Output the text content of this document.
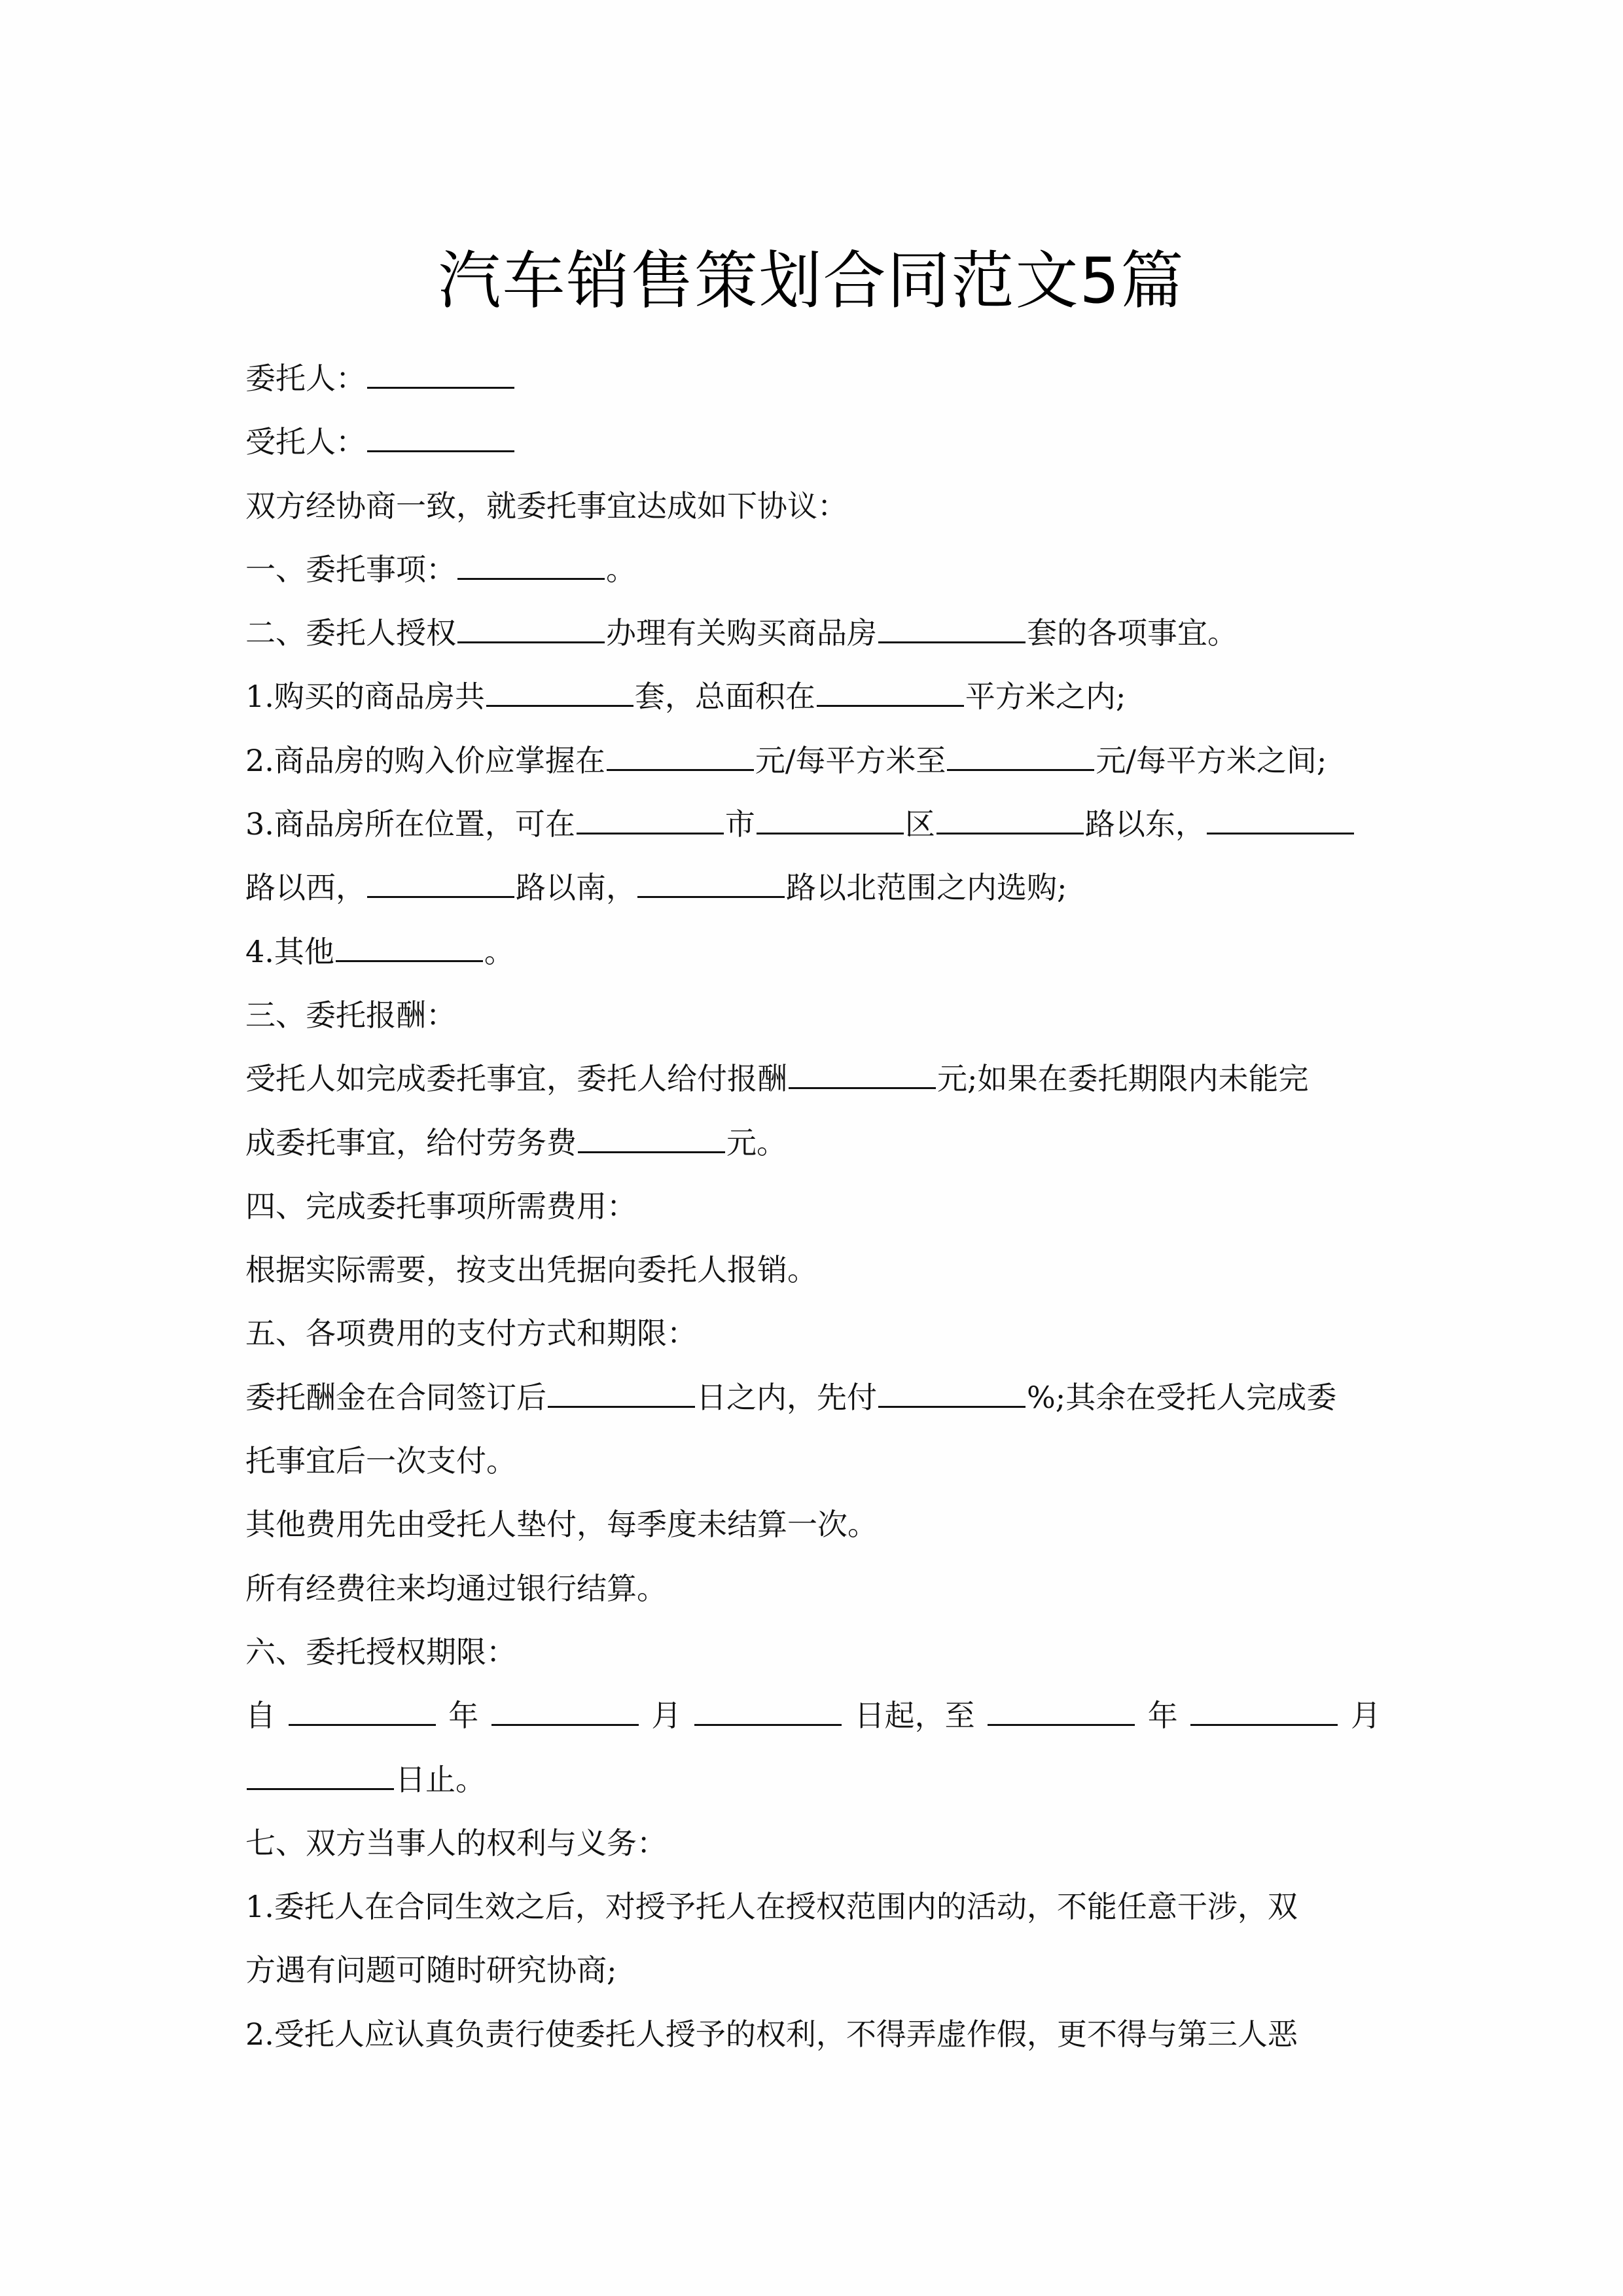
汽车销售策划合同范文5篇
委托人：
受托人：
双方经协商一致，就委托事宜达成如下协议：
一、委托事项：	。
二、委托人授权	办理有关购买商品房	套的各项事宜。
1.购买的商品房共	套，总面积在	平方米之内;
2.商品房的购入价应掌握在	元/每平方米至	元/每平方米之间;
3.商品房所在位置，可在	市	区	路以东，
路以西，	路以南，	路以北范围之内选购;
4.其他	。
三、委托报酬：
受托人如完成委托事宜，委托人给付报酬	元;如果在委托期限内未能完
成委托事宜，给付劳务费	元。
四、完成委托事项所需费用：
根据实际需要，按支出凭据向委托人报销。
五、各项费用的支付方式和期限：
委托酬金在合同签订后	日之内，先付	%;其余在受托人完成委
托事宜后一次支付。
其他费用先由受托人垫付，每季度未结算一次。
所有经费往来均通过银行结算。
六、委托授权期限：
自	年	月	日起，至	年	月
日止。
七、双方当事人的权利与义务：
1.委托人在合同生效之后，对授予托人在授权范围内的活动，不能任意干涉，双
方遇有问题可随时研究协商;
2.受托人应认真负责行使委托人授予的权利，不得弄虚作假，更不得与第三人恶
